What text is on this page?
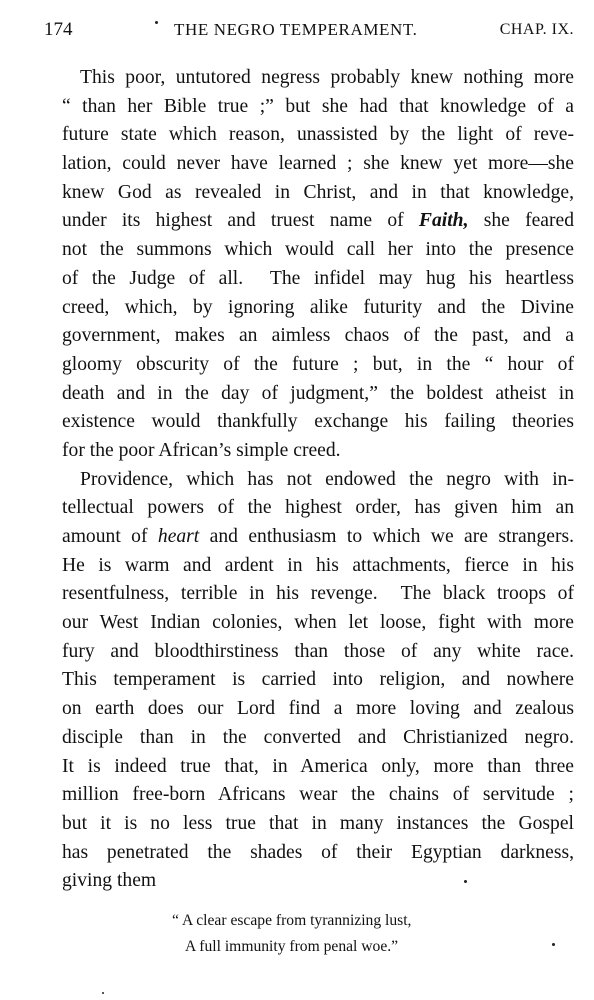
174	THE NEGRO TEMPERAMENT.	CHAP. IX.
This poor, untutored negress probably knew nothing more
“ than her Bible true ;” but she had that knowledge of a
future state which reason, unassisted by the light of reve-
lation, could never have learned ; she knew yet more—she
knew God as revealed in Christ, and in that knowledge,
under its highest and truest name of Faith, she feared
not the summons which would call her into the presence
of the Judge of all.  The infidel may hug his heartless
creed, which, by ignoring alike futurity and the Divine
government, makes an aimless chaos of the past, and a
gloomy obscurity of the future ; but, in the “ hour of
death and in the day of judgment,” the boldest atheist in
existence would thankfully exchange his failing theories
for the poor African’s simple creed.
Providence, which has not endowed the negro with in-
tellectual powers of the highest order, has given him an
amount of heart and enthusiasm to which we are strangers.
He is warm and ardent in his attachments, fierce in his
resentfulness, terrible in his revenge.  The black troops of
our West Indian colonies, when let loose, fight with more
fury and bloodthirstiness than those of any white race.
This temperament is carried into religion, and nowhere
on earth does our Lord find a more loving and zealous
disciple than in the converted and Christianized negro.
It is indeed true that, in America only, more than three
million free-born Africans wear the chains of servitude ;
but it is no less true that in many instances the Gospel
has penetrated the shades of their Egyptian darkness,
giving them
“ A clear escape from tyrannizing lust,
A full immunity from penal woe.”
